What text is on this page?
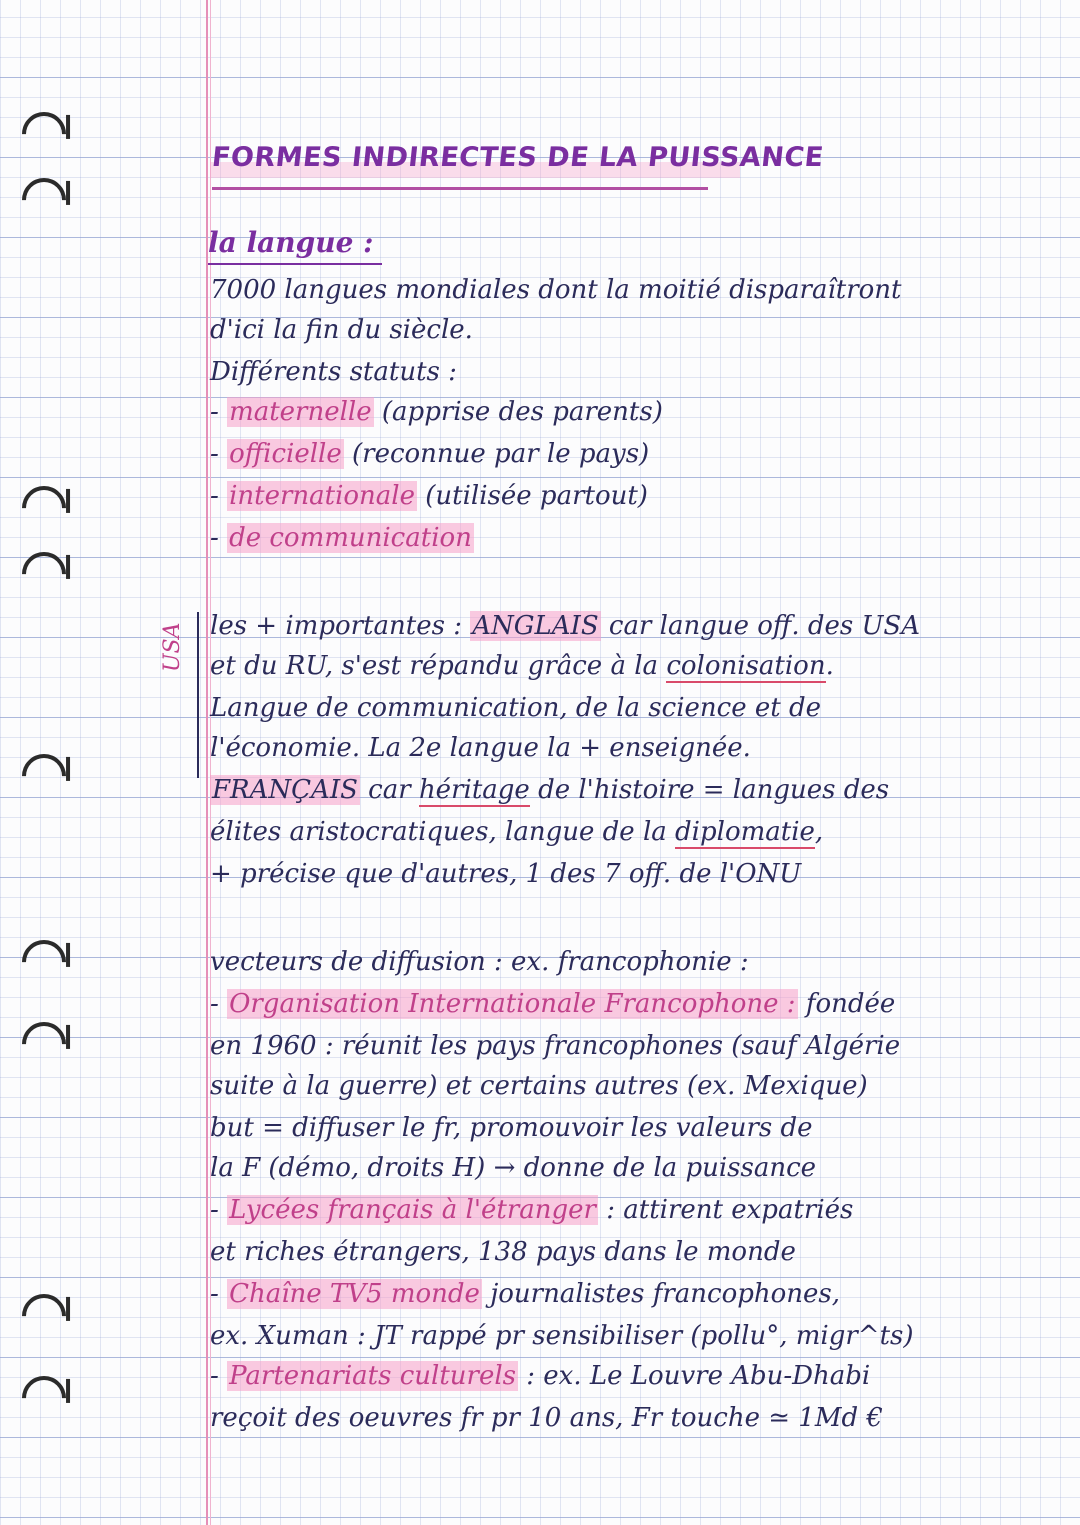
FORMES INDIRECTES DE LA PUISSANCE
la langue :
7000 langues mondiales dont la moitié disparaîtront
d'ici la fin du siècle.
Différents statuts :
- maternelle (apprise des parents)
- officielle (reconnue par le pays)
- internationale (utilisée partout)
- de communication
USA les + importantes : ANGLAIS car langue off. des USA
et du RU, s'est répandu grâce à la colonisation.
Langue de communication, de la science et de
l'économie. La 2e langue la + enseignée.
FRANÇAIS car héritage de l'histoire = langues des
élites aristocratiques, langue de la diplomatie,
+ précise que d'autres, 1 des 7 off. de l'ONU
vecteurs de diffusion : ex. francophonie :
- Organisation Internationale Francophone : fondée
en 1960 : réunit les pays francophones (sauf Algérie
suite à la guerre) et certains autres (ex. Mexique)
but = diffuser le fr, promouvoir les valeurs de
la F (démo, droits H) → donne de la puissance
- Lycées français à l'étranger : attirent expatriés
et riches étrangers, 138 pays dans le monde
- Chaîne TV5 monde journalistes francophones,
ex. Xuman : JT rappé pr sensibiliser (pollu°, migr^ts)
- Partenariats culturels : ex. Le Louvre Abu-Dhabi
reçoit des oeuvres fr pr 10 ans, Fr touche ≃ 1Md €
